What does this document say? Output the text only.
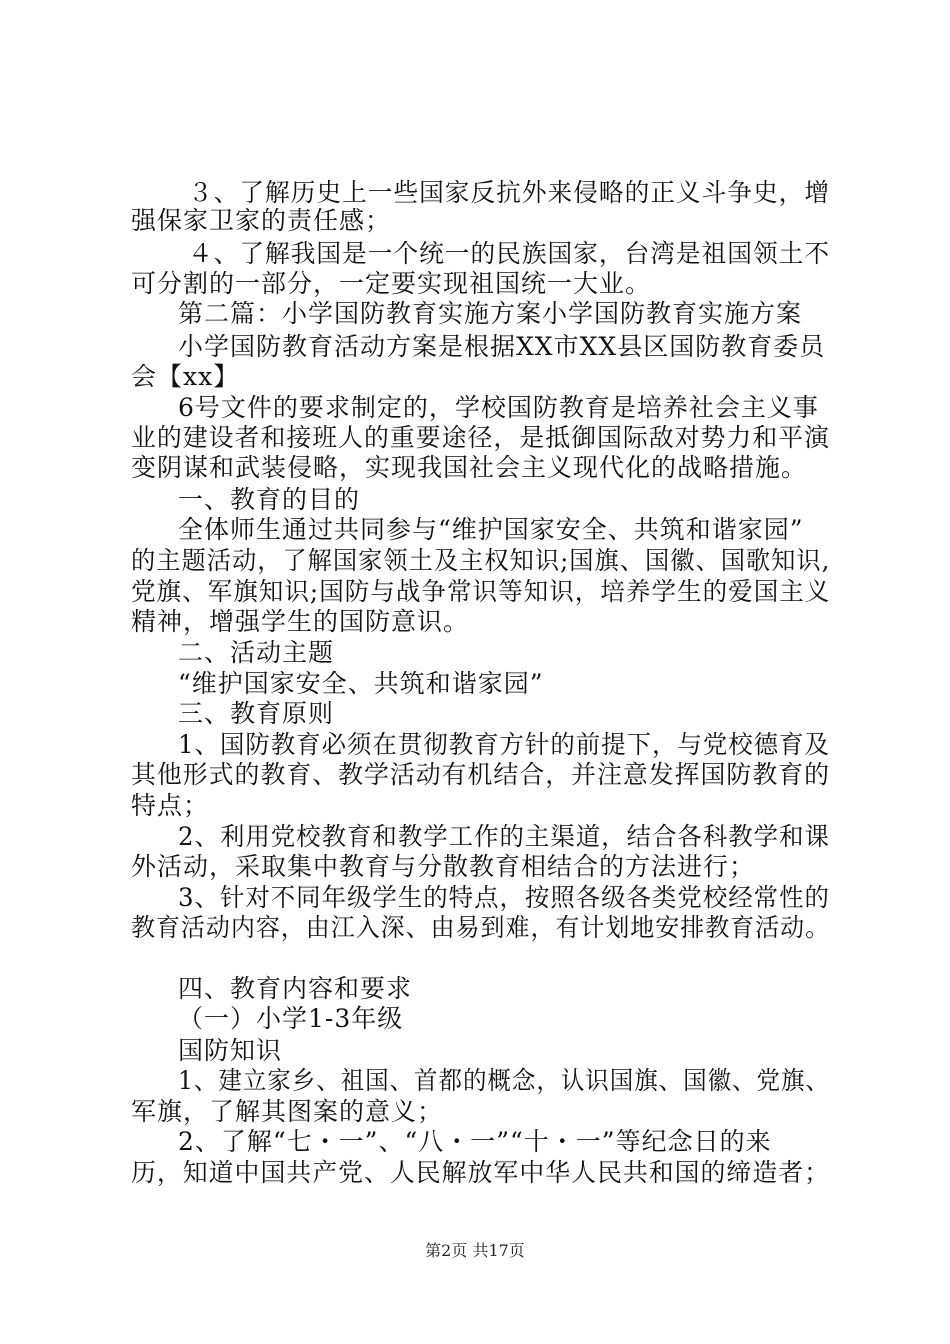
３、了解历史上一些国家反抗外来侵略的正义斗争史，增
强保家卫家的责任感；
４、了解我国是一个统一的民族国家，台湾是祖国领土不
可分割的一部分，一定要实现祖国统一大业。
第二篇：小学国防教育实施方案小学国防教育实施方案
小学国防教育活动方案是根据XX市XX县区国防教育委员
会【xx】
6号文件的要求制定的，学校国防教育是培养社会主义事
业的建设者和接班人的重要途径，是抵御国际敌对势力和平演
变阴谋和武装侵略，实现我国社会主义现代化的战略措施。
一、教育的目的
全体师生通过共同参与“维护国家安全、共筑和谐家园”
的主题活动，了解国家领土及主权知识;国旗、国徽、国歌知识,
党旗、军旗知识;国防与战争常识等知识，培养学生的爱国主义
精神，增强学生的国防意识。
二、活动主题
“维护国家安全、共筑和谐家园”
三、教育原则
1、国防教育必须在贯彻教育方针的前提下，与党校德育及
其他形式的教育、教学活动有机结合，并注意发挥国防教育的
特点；
2、利用党校教育和教学工作的主渠道，结合各科教学和课
外活动，采取集中教育与分散教育相结合的方法进行；
3、针对不同年级学生的特点，按照各级各类党校经常性的
教育活动内容，由江入深、由易到难，有计划地安排教育活动。
四、教育内容和要求
（一）小学1-3年级
国防知识
1、建立家乡、祖国、首都的概念，认识国旗、国徽、党旗、
军旗，了解其图案的意义；
2、了解“七・一”、“八・一”“十・一”等纪念日的来
历，知道中国共产党、人民解放军中华人民共和国的缔造者；
第2页 共17页
